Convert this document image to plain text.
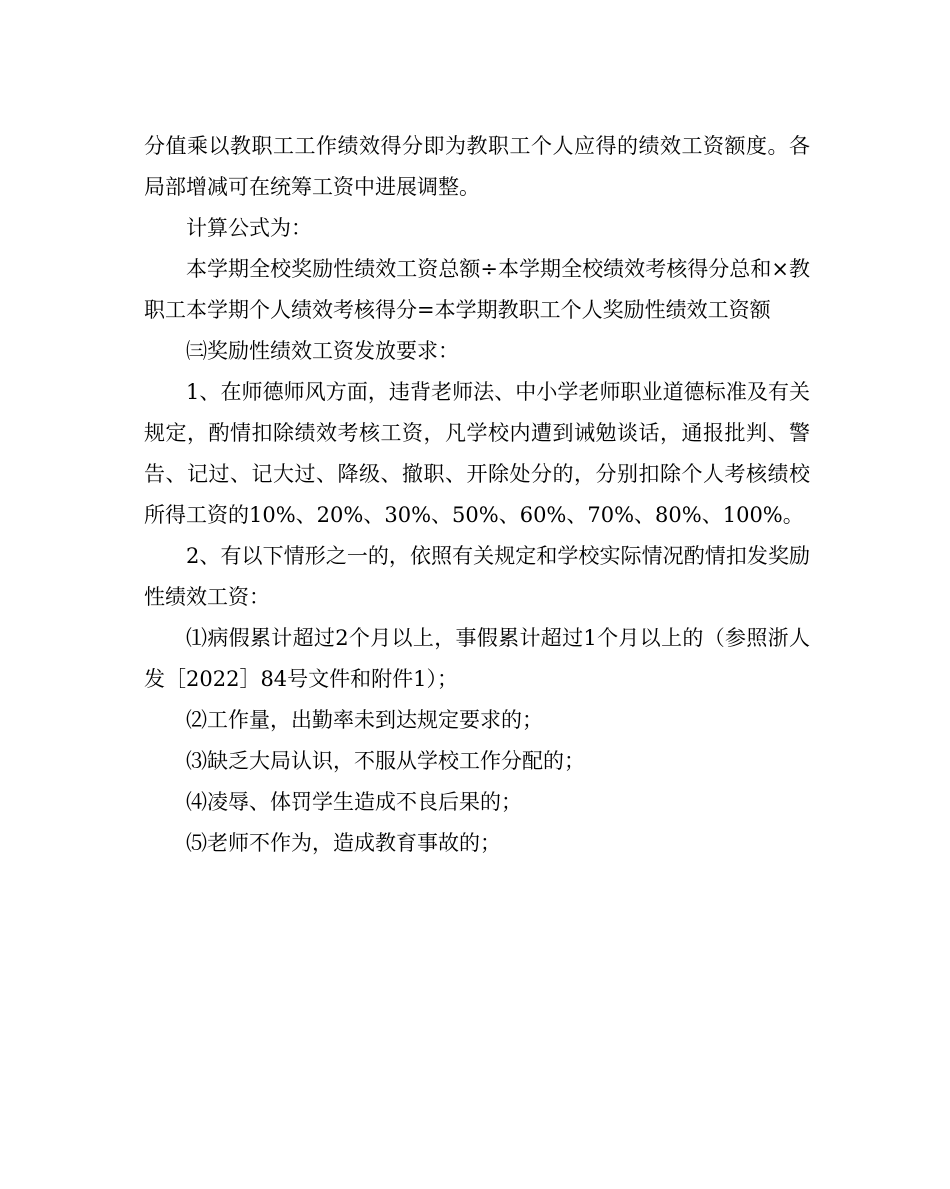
分值乘以教职工工作绩效得分即为教职工个人应得的绩效工资额度。各局部增减可在统筹工资中进展调整。

计算公式为：

本学期全校奖励性绩效工资总额÷本学期全校绩效考核得分总和×教职工本学期个人绩效考核得分=本学期教职工个人奖励性绩效工资额

㈢奖励性绩效工资发放要求：

1、在师德师风方面，违背老师法、中小学老师职业道德标准及有关规定，酌情扣除绩效考核工资，凡学校内遭到诫勉谈话，通报批判、警告、记过、记大过、降级、撤职、开除处分的，分别扣除个人考核绩校所得工资的10%、20%、30%、50%、60%、70%、80%、100%。

2、有以下情形之一的，依照有关规定和学校实际情况酌情扣发奖励性绩效工资：

⑴病假累计超过2个月以上，事假累计超过1个月以上的（参照浙人发［2022］84号文件和附件1）；

⑵工作量，出勤率未到达规定要求的；

⑶缺乏大局认识，不服从学校工作分配的；

⑷凌辱、体罚学生造成不良后果的；

⑸老师不作为，造成教育事故的；
